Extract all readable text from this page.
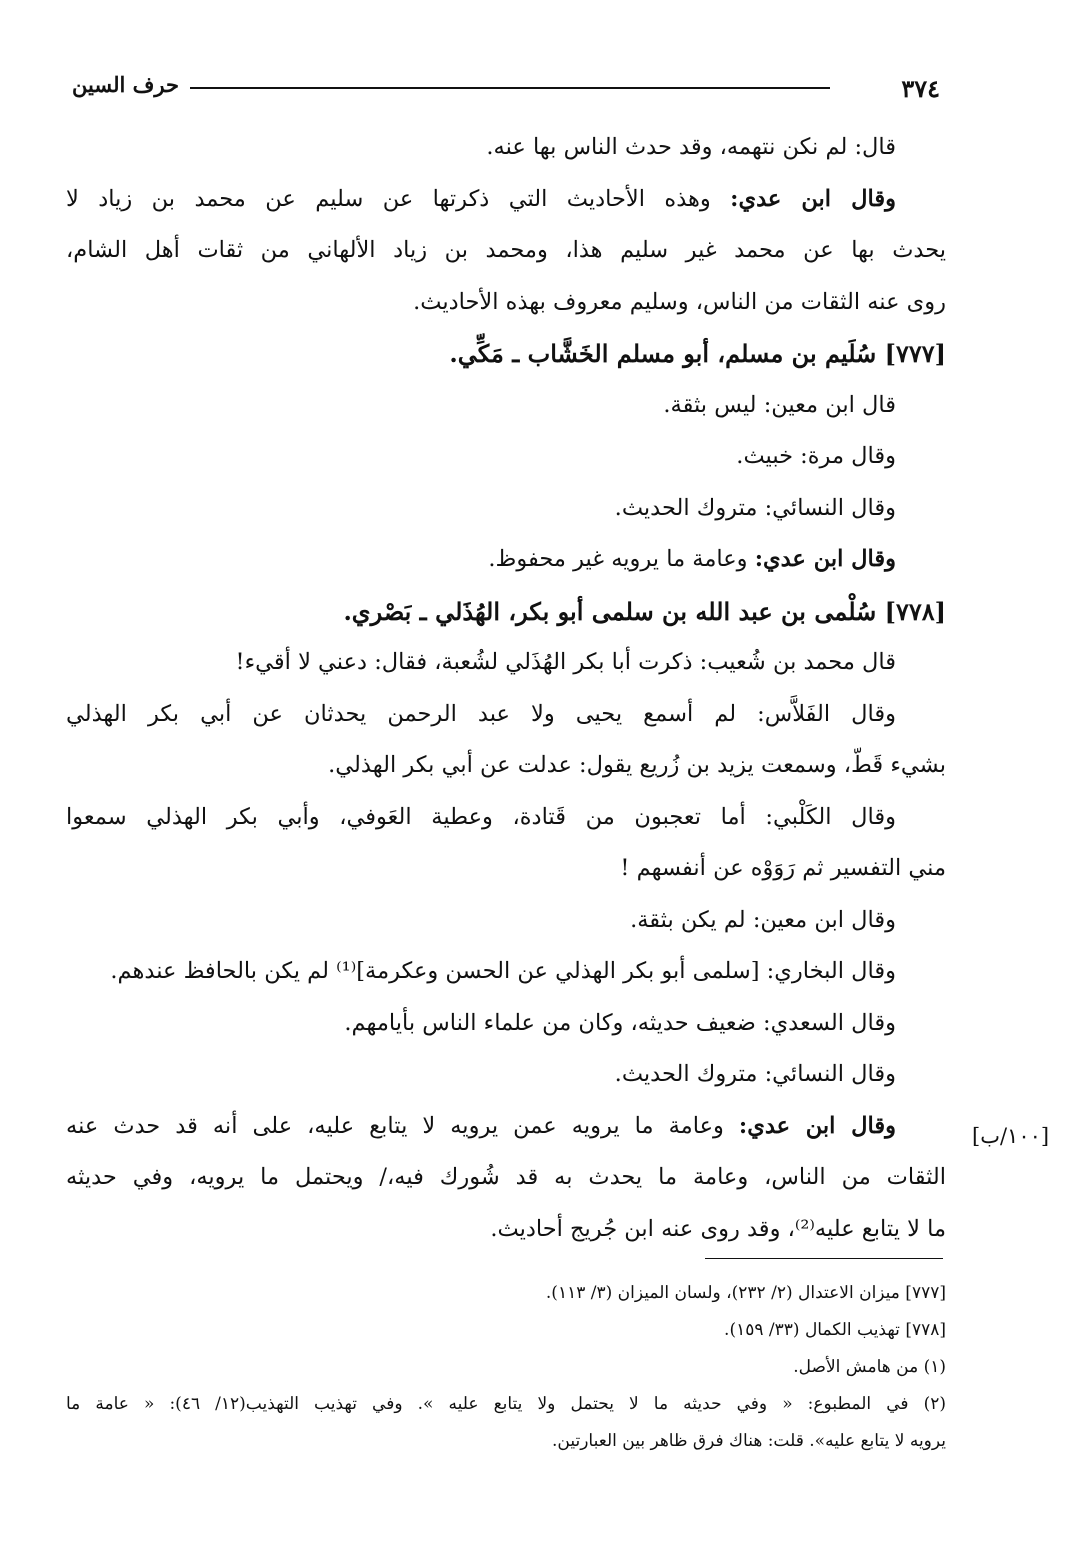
حرف السين	٣٧٤
قال: لم نكن نتهمه، وقد حدث الناس بها عنه.
وقال ابن عدي: وهذه الأحاديث التي ذكرتها عن سليم عن محمد بن زياد لا
يحدث بها عن محمد غير سليم هذا، ومحمد بن زياد الألهاني من ثقات أهل الشام،
روى عنه الثقات من الناس، وسليم معروف بهذه الأحاديث.
[٧٧٧] سُلَيم بن مسلم، أبو مسلم الخَشَّاب ـ مَكِّي.
قال ابن معين: ليس بثقة.
وقال مرة: خبيث.
وقال النسائي: متروك الحديث.
وقال ابن عدي: وعامة ما يرويه غير محفوظ.
[٧٧٨] سُلْمى بن عبد الله بن سلمى أبو بكر، الهُذَلي ـ بَصْري.
قال محمد بن شُعيب: ذكرت أبا بكر الهُذَلي لشُعبة، فقال: دعني لا أقيء!
وقال الفَلاَّس: لم أسمع يحيى ولا عبد الرحمن يحدثان عن أبي بكر الهذلي
بشيء قَطّ، وسمعت يزيد بن زُريع يقول: عدلت عن أبي بكر الهذلي.
وقال الكَلْبي: أما تعجبون من قَتادة، وعطية العَوفي، وأبي بكر الهذلي سمعوا
مني التفسير ثم رَوَوْه عن أنفسهم !
وقال ابن معين: لم يكن بثقة.
وقال البخاري: [سلمى أبو بكر الهذلي عن الحسن وعكرمة]⁽¹⁾ لم يكن بالحافظ عندهم.
وقال السعدي: ضعيف حديثه، وكان من علماء الناس بأيامهم.
وقال النسائي: متروك الحديث.
وقال ابن عدي: وعامة ما يرويه عمن يرويه لا يتابع عليه، على أنه قد حدث عنه
الثقات من الناس، وعامة ما يحدث به قد شُورك فيه،/ ويحتمل ما يرويه، وفي حديثه
ما لا يتابع عليه⁽²⁾، وقد روى عنه ابن جُريج أحاديث.
[١٠٠/ب]
[٧٧٧] ميزان الاعتدال (٢/ ٢٣٢)، ولسان الميزان (٣/ ١١٣).
[٧٧٨] تهذيب الكمال (٣٣/ ١٥٩).
(١) من هامش الأصل.
(٢) في المطبوع: « وفي حديثه ما لا يحتمل ولا يتابع عليه ». وفي تهذيب التهذيب(١٢/ ٤٦): « عامة ما
يرويه لا يتابع عليه». قلت: هناك فرق ظاهر بين العبارتين.
